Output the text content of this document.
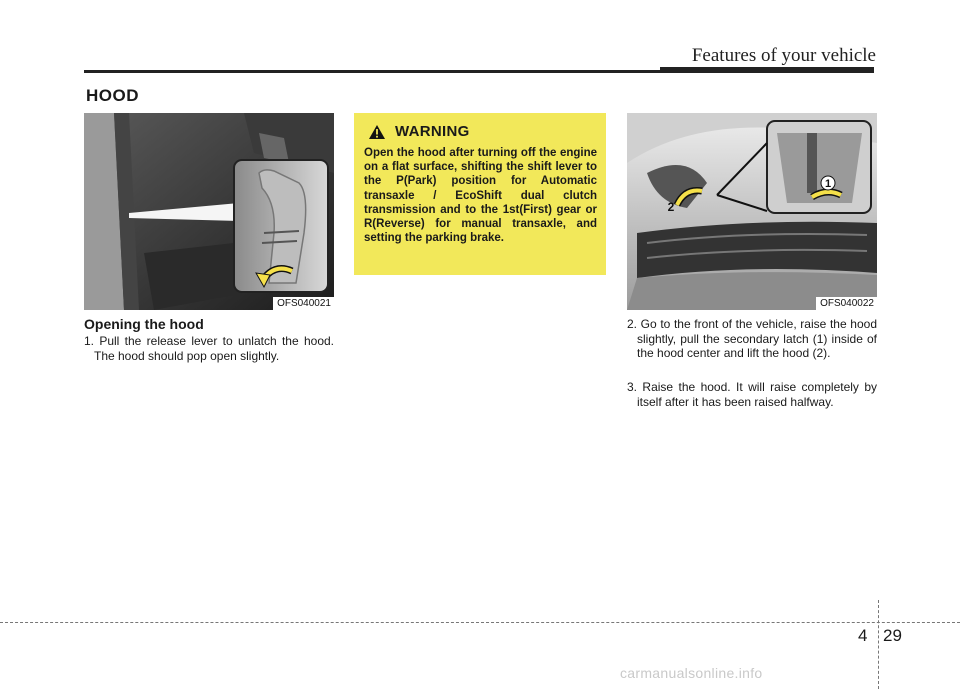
Features of your vehicle
HOOD
OFS040021
WARNING
Open the hood after turning off the engine on a flat surface, shifting the shift lever to the P(Park) position for Automatic transaxle / EcoShift dual clutch transmission and to the 1st(First) gear or R(Reverse) for manual transaxle, and setting the parking brake.
1
2
OFS040022
Opening the hood
1. Pull the release lever to unlatch the hood. The hood should pop open slightly.
2. Go to the front of the vehicle, raise the hood slightly, pull the secondary latch (1) inside of the hood center and lift the hood (2).
3. Raise the hood. It will raise completely by itself after it has been raised halfway.
4 29
carmanualsonline.info
